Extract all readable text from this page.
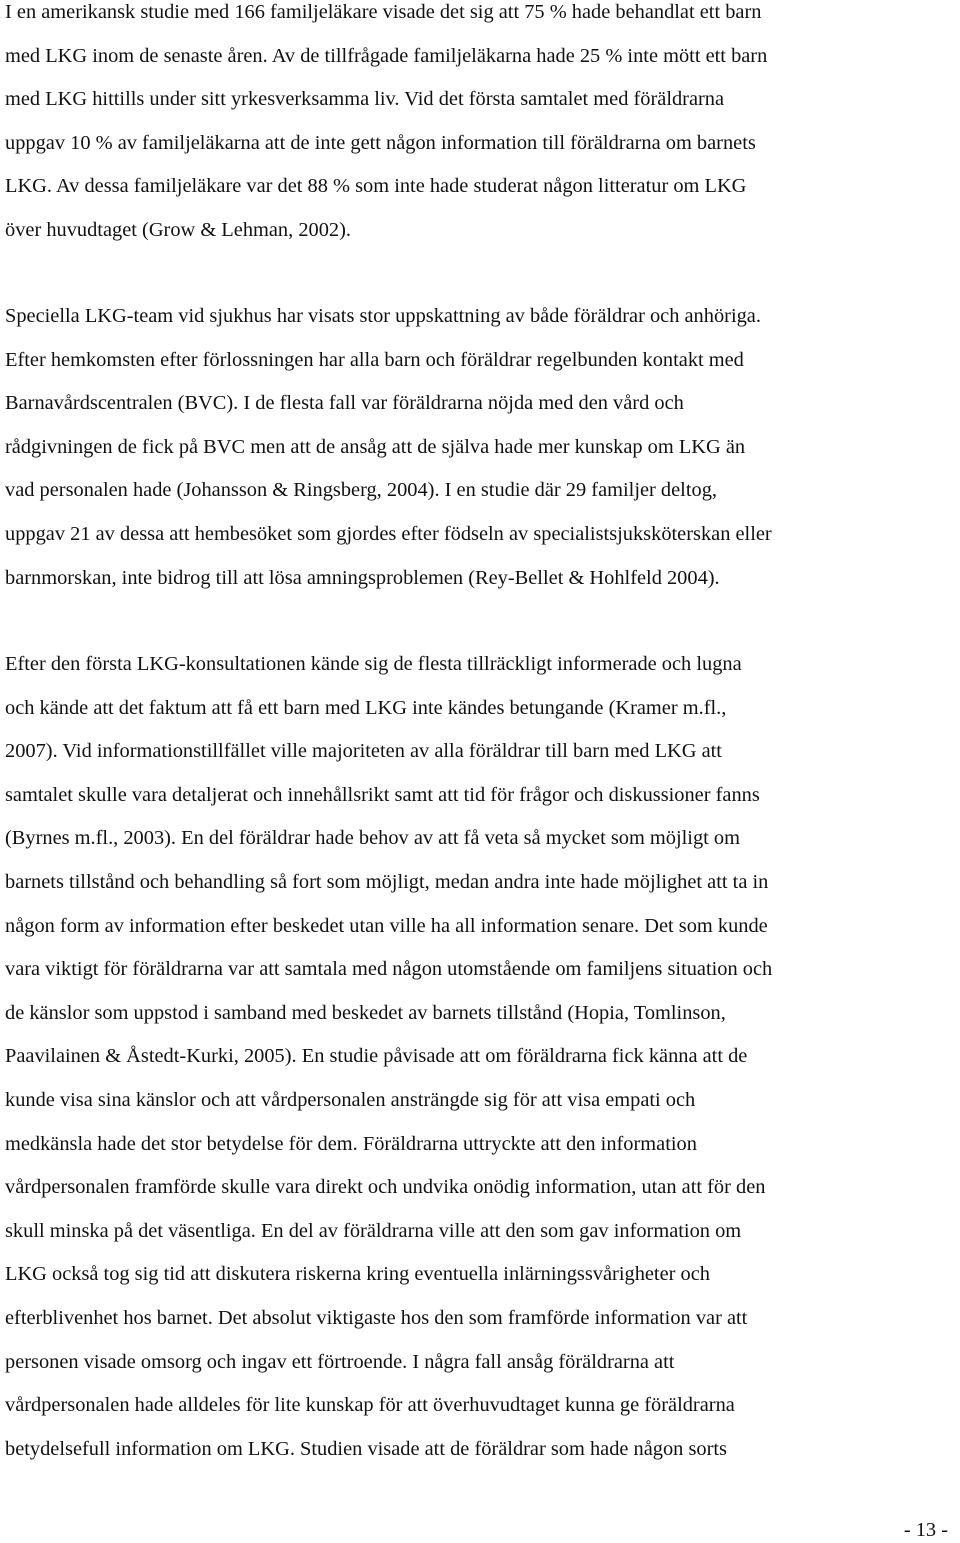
I en amerikansk studie med 166 familjeläkare visade det sig att 75 % hade behandlat ett barn
med LKG inom de senaste åren. Av de tillfrågade familjeläkarna hade 25 % inte mött ett barn
med LKG hittills under sitt yrkesverksamma liv. Vid det första samtalet med föräldrarna
uppgav 10 % av familjeläkarna att de inte gett någon information till föräldrarna om barnets
LKG. Av dessa familjeläkare var det 88 % som inte hade studerat någon litteratur om LKG
över huvudtaget (Grow & Lehman, 2002).
Speciella LKG-team vid sjukhus har visats stor uppskattning av både föräldrar och anhöriga.
Efter hemkomsten efter förlossningen har alla barn och föräldrar regelbunden kontakt med
Barnavårdscentralen (BVC). I de flesta fall var föräldrarna nöjda med den vård och
rådgivningen de fick på BVC men att de ansåg att de själva hade mer kunskap om LKG än
vad personalen hade (Johansson & Ringsberg, 2004). I en studie där 29 familjer deltog,
uppgav 21 av dessa att hembesöket som gjordes efter födseln av specialistsjuksköterskan eller
barnmorskan, inte bidrog till att lösa amningsproblemen (Rey-Bellet & Hohlfeld 2004).
Efter den första LKG-konsultationen kände sig de flesta tillräckligt informerade och lugna
och kände att det faktum att få ett barn med LKG inte kändes betungande (Kramer m.fl.,
2007). Vid informationstillfället ville majoriteten av alla föräldrar till barn med LKG att
samtalet skulle vara detaljerat och innehållsrikt samt att tid för frågor och diskussioner fanns
(Byrnes m.fl., 2003). En del föräldrar hade behov av att få veta så mycket som möjligt om
barnets tillstånd och behandling så fort som möjligt, medan andra inte hade möjlighet att ta in
någon form av information efter beskedet utan ville ha all information senare. Det som kunde
vara viktigt för föräldrarna var att samtala med någon utomstående om familjens situation och
de känslor som uppstod i samband med beskedet av barnets tillstånd (Hopia, Tomlinson,
Paavilainen & Åstedt-Kurki, 2005). En studie påvisade att om föräldrarna fick känna att de
kunde visa sina känslor och att vårdpersonalen ansträngde sig för att visa empati och
medkänsla hade det stor betydelse för dem. Föräldrarna uttryckte att den information
vårdpersonalen framförde skulle vara direkt och undvika onödig information, utan att för den
skull minska på det väsentliga. En del av föräldrarna ville att den som gav information om
LKG också tog sig tid att diskutera riskerna kring eventuella inlärningssvårigheter och
efterblivenhet hos barnet. Det absolut viktigaste hos den som framförde information var att
personen visade omsorg och ingav ett förtroende. I några fall ansåg föräldrarna att
vårdpersonalen hade alldeles för lite kunskap för att överhuvudtaget kunna ge föräldrarna
betydelsefull information om LKG. Studien visade att de föräldrar som hade någon sorts
- 13 -
